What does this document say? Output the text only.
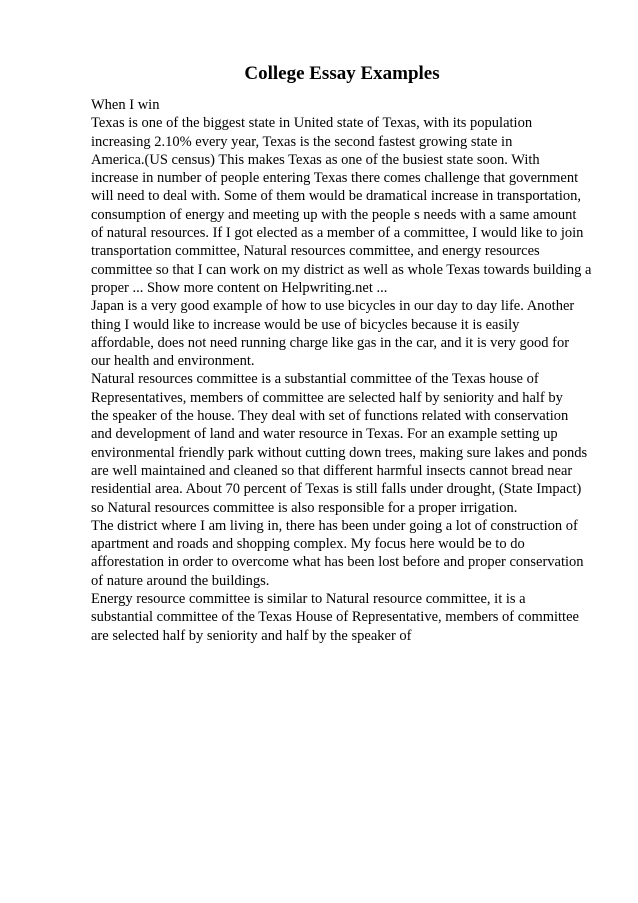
College Essay Examples
When I win
Texas is one of the biggest state in United state of Texas, with its population
increasing 2.10% every year, Texas is the second fastest growing state in
America.(US census) This makes Texas as one of the busiest state soon. With
increase in number of people entering Texas there comes challenge that government
will need to deal with. Some of them would be dramatical increase in transportation,
consumption of energy and meeting up with the people s needs with a same amount
of natural resources. If I got elected as a member of a committee, I would like to join
transportation committee, Natural resources committee, and energy resources
committee so that I can work on my district as well as whole Texas towards building a
proper ... Show more content on Helpwriting.net ...
Japan is a very good example of how to use bicycles in our day to day life. Another
thing I would like to increase would be use of bicycles because it is easily
affordable, does not need running charge like gas in the car, and it is very good for
our health and environment.
Natural resources committee is a substantial committee of the Texas house of
Representatives, members of committee are selected half by seniority and half by
the speaker of the house. They deal with set of functions related with conservation
and development of land and water resource in Texas. For an example setting up
environmental friendly park without cutting down trees, making sure lakes and ponds
are well maintained and cleaned so that different harmful insects cannot bread near
residential area. About 70 percent of Texas is still falls under drought, (State Impact)
so Natural resources committee is also responsible for a proper irrigation.
The district where I am living in, there has been under going a lot of construction of
apartment and roads and shopping complex. My focus here would be to do
afforestation in order to overcome what has been lost before and proper conservation
of nature around the buildings.
Energy resource committee is similar to Natural resource committee, it is a
substantial committee of the Texas House of Representative, members of committee
are selected half by seniority and half by the speaker of
